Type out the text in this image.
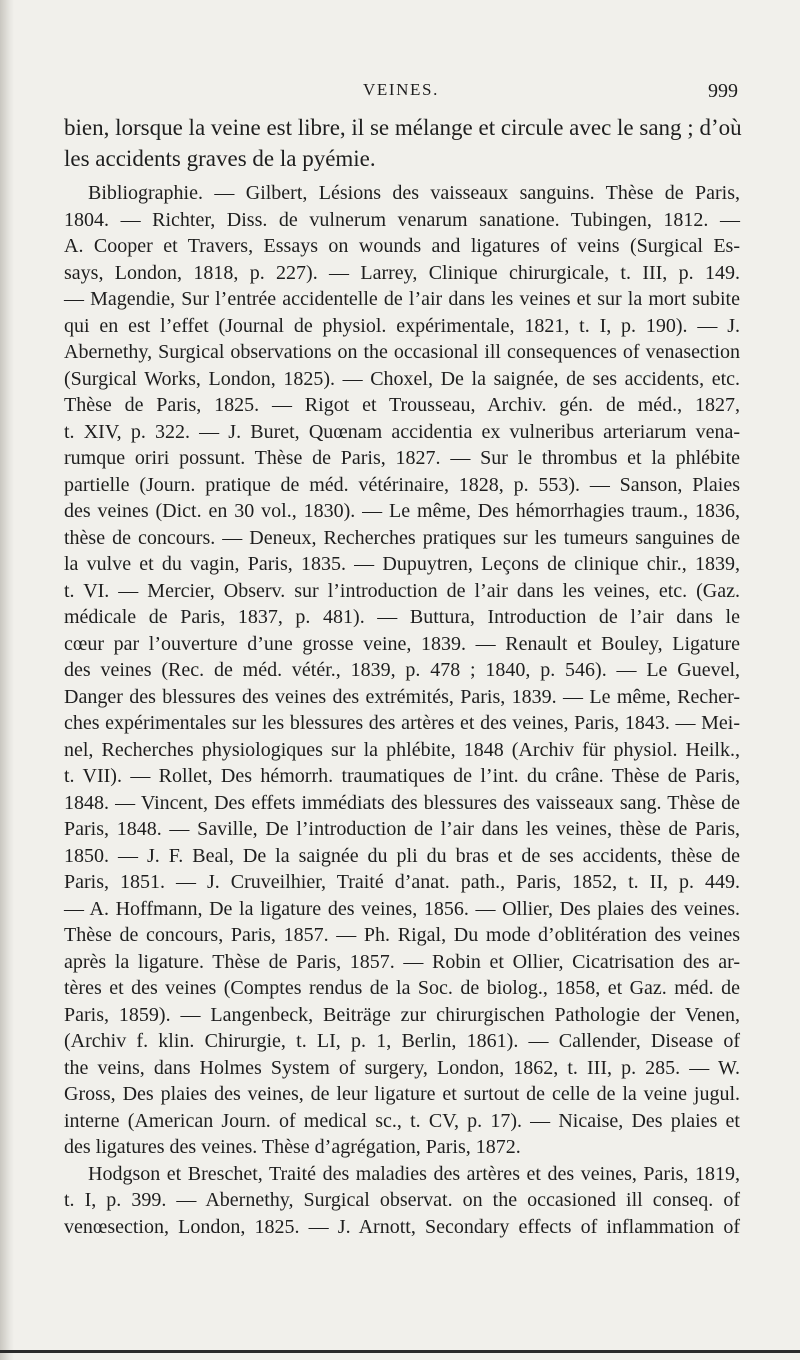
VEINES.	999
bien, lorsque la veine est libre, il se mélange et circule avec le sang ; d’où
les accidents graves de la pyémie.
Bibliographie. — Gilbert, Lésions des vaisseaux sanguins. Thèse de Paris,
1804. — Richter, Diss. de vulnerum venarum sanatione. Tubingen, 1812. —
A. Cooper et Travers, Essays on wounds and ligatures of veins (Surgical Es-
says, London, 1818, p. 227). — Larrey, Clinique chirurgicale, t. III, p. 149.
— Magendie, Sur l’entrée accidentelle de l’air dans les veines et sur la mort subite
qui en est l’effet (Journal de physiol. expérimentale, 1821, t. I, p. 190). — J.
Abernethy, Surgical observations on the occasional ill consequences of venasection
(Surgical Works, London, 1825). — Choxel, De la saignée, de ses accidents, etc.
Thèse de Paris, 1825. — Rigot et Trousseau, Archiv. gén. de méd., 1827,
t. XIV, p. 322. — J. Buret, Quœnam accidentia ex vulneribus arteriarum vena-
rumque oriri possunt. Thèse de Paris, 1827. — Sur le thrombus et la phlébite
partielle (Journ. pratique de méd. vétérinaire, 1828, p. 553). — Sanson, Plaies
des veines (Dict. en 30 vol., 1830). — Le même, Des hémorrhagies traum., 1836,
thèse de concours. — Deneux, Recherches pratiques sur les tumeurs sanguines de
la vulve et du vagin, Paris, 1835. — Dupuytren, Leçons de clinique chir., 1839,
t. VI. — Mercier, Observ. sur l’introduction de l’air dans les veines, etc. (Gaz.
médicale de Paris, 1837, p. 481). — Buttura, Introduction de l’air dans le
cœur par l’ouverture d’une grosse veine, 1839. — Renault et Bouley, Ligature
des veines (Rec. de méd. vétér., 1839, p. 478 ; 1840, p. 546). — Le Guevel,
Danger des blessures des veines des extrémités, Paris, 1839. — Le même, Recher-
ches expérimentales sur les blessures des artères et des veines, Paris, 1843. — Mei-
nel, Recherches physiologiques sur la phlébite, 1848 (Archiv für physiol. Heilk.,
t. VII). — Rollet, Des hémorrh. traumatiques de l’int. du crâne. Thèse de Paris,
1848. — Vincent, Des effets immédiats des blessures des vaisseaux sang. Thèse de
Paris, 1848. — Saville, De l’introduction de l’air dans les veines, thèse de Paris,
1850. — J. F. Beal, De la saignée du pli du bras et de ses accidents, thèse de
Paris, 1851. — J. Cruveilhier, Traité d’anat. path., Paris, 1852, t. II, p. 449.
— A. Hoffmann, De la ligature des veines, 1856. — Ollier, Des plaies des veines.
Thèse de concours, Paris, 1857. — Ph. Rigal, Du mode d’oblitération des veines
après la ligature. Thèse de Paris, 1857. — Robin et Ollier, Cicatrisation des ar-
tères et des veines (Comptes rendus de la Soc. de biolog., 1858, et Gaz. méd. de
Paris, 1859). — Langenbeck, Beiträge zur chirurgischen Pathologie der Venen,
(Archiv f. klin. Chirurgie, t. LI, p. 1, Berlin, 1861). — Callender, Disease of
the veins, dans Holmes System of surgery, London, 1862, t. III, p. 285. — W.
Gross, Des plaies des veines, de leur ligature et surtout de celle de la veine jugul.
interne (American Journ. of medical sc., t. CV, p. 17). — Nicaise, Des plaies et
des ligatures des veines. Thèse d’agrégation, Paris, 1872.
Hodgson et Breschet, Traité des maladies des artères et des veines, Paris, 1819,
t. I, p. 399. — Abernethy, Surgical observat. on the occasioned ill conseq. of
venœsection, London, 1825. — J. Arnott, Secondary effects of inflammation of
